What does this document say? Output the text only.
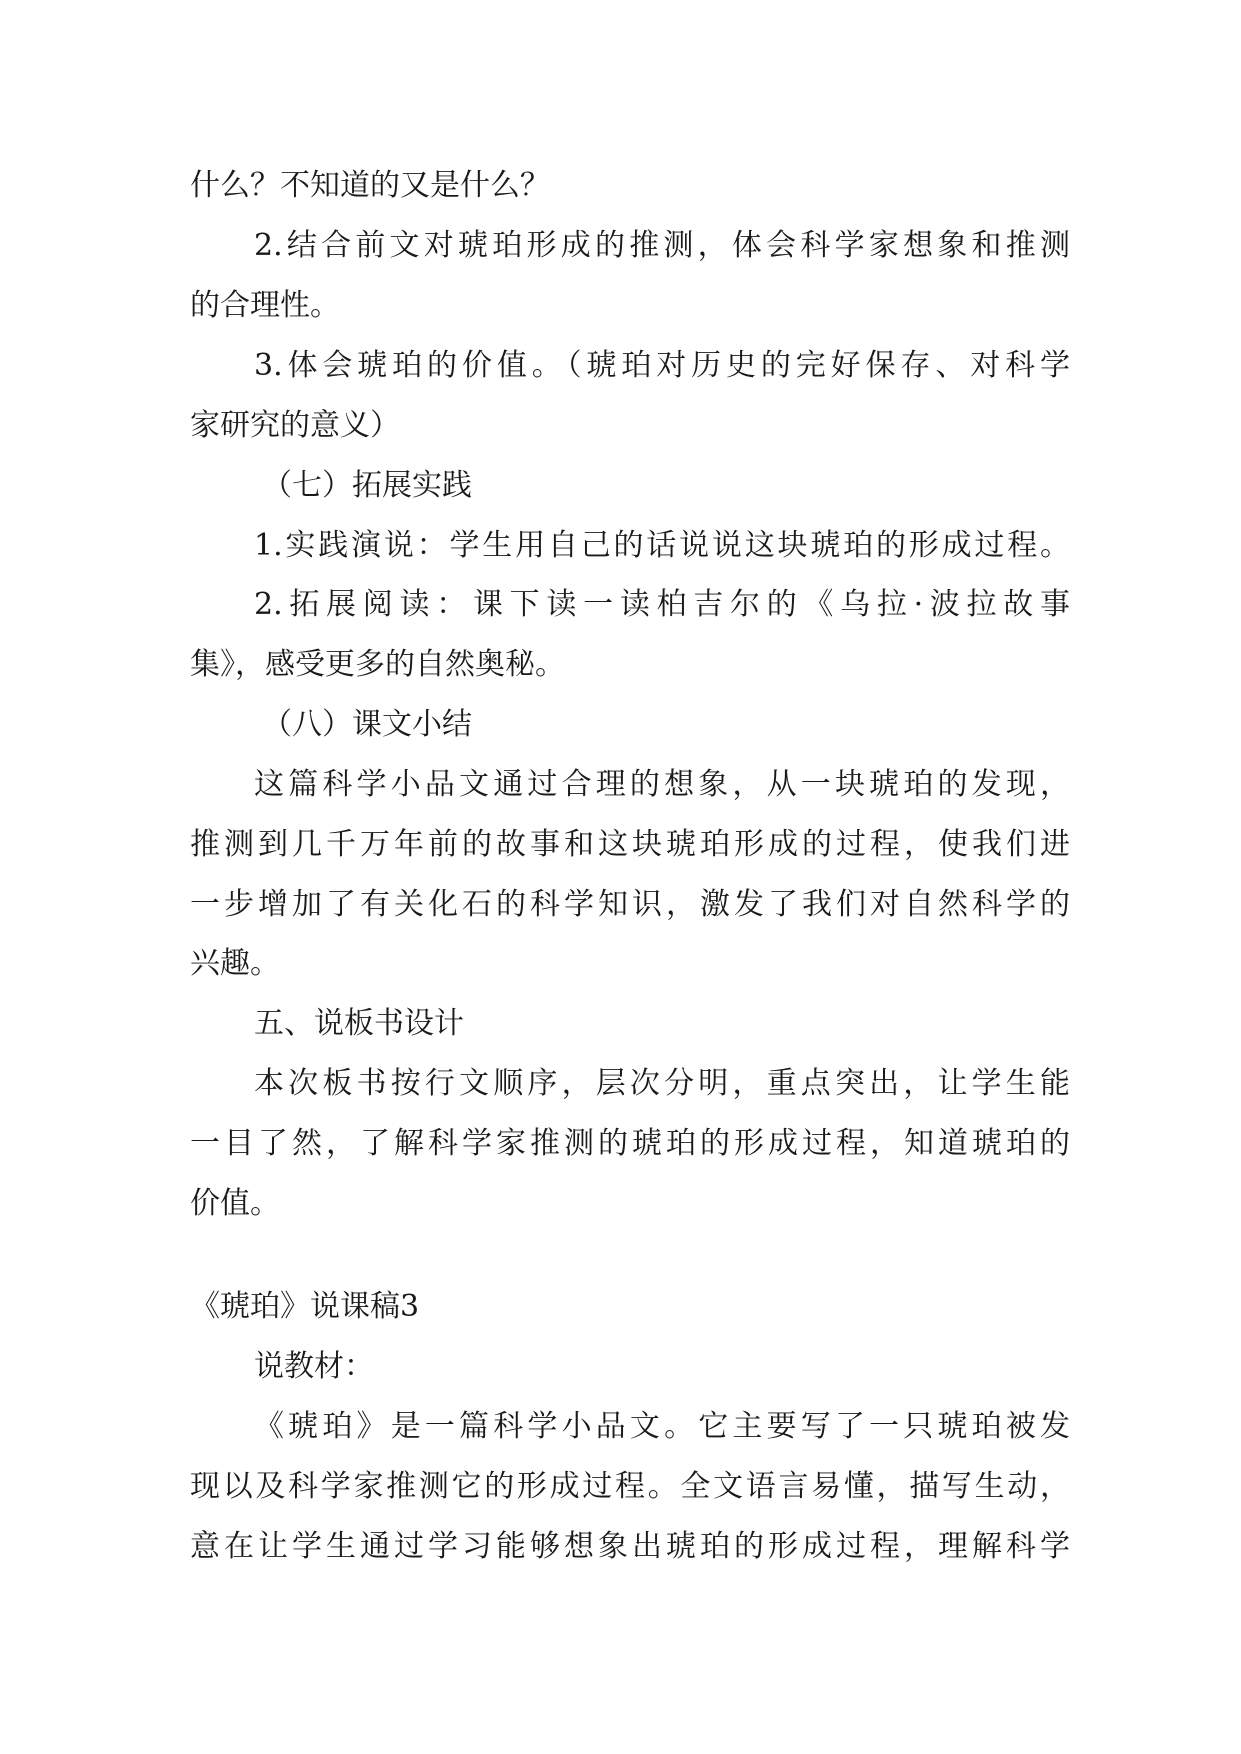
什么？不知道的又是什么？
2.结合前文对琥珀形成的推测，体会科学家想象和推测
的合理性。
3.体会琥珀的价值。（琥珀对历史的完好保存、对科学
家研究的意义）
（七）拓展实践
1.实践演说：学生用自己的话说说这块琥珀的形成过程。
2.拓展阅读：课下读一读柏吉尔的《乌拉·波拉故事
集》，感受更多的自然奥秘。
（八）课文小结
这篇科学小品文通过合理的想象，从一块琥珀的发现，
推测到几千万年前的故事和这块琥珀形成的过程，使我们进
一步增加了有关化石的科学知识，激发了我们对自然科学的
兴趣。
五、说板书设计
本次板书按行文顺序，层次分明，重点突出，让学生能
一目了然，了解科学家推测的琥珀的形成过程，知道琥珀的
价值。
《琥珀》说课稿3
说教材：
《琥珀》是一篇科学小品文。它主要写了一只琥珀被发
现以及科学家推测它的形成过程。全文语言易懂，描写生动，
意在让学生通过学习能够想象出琥珀的形成过程，理解科学
